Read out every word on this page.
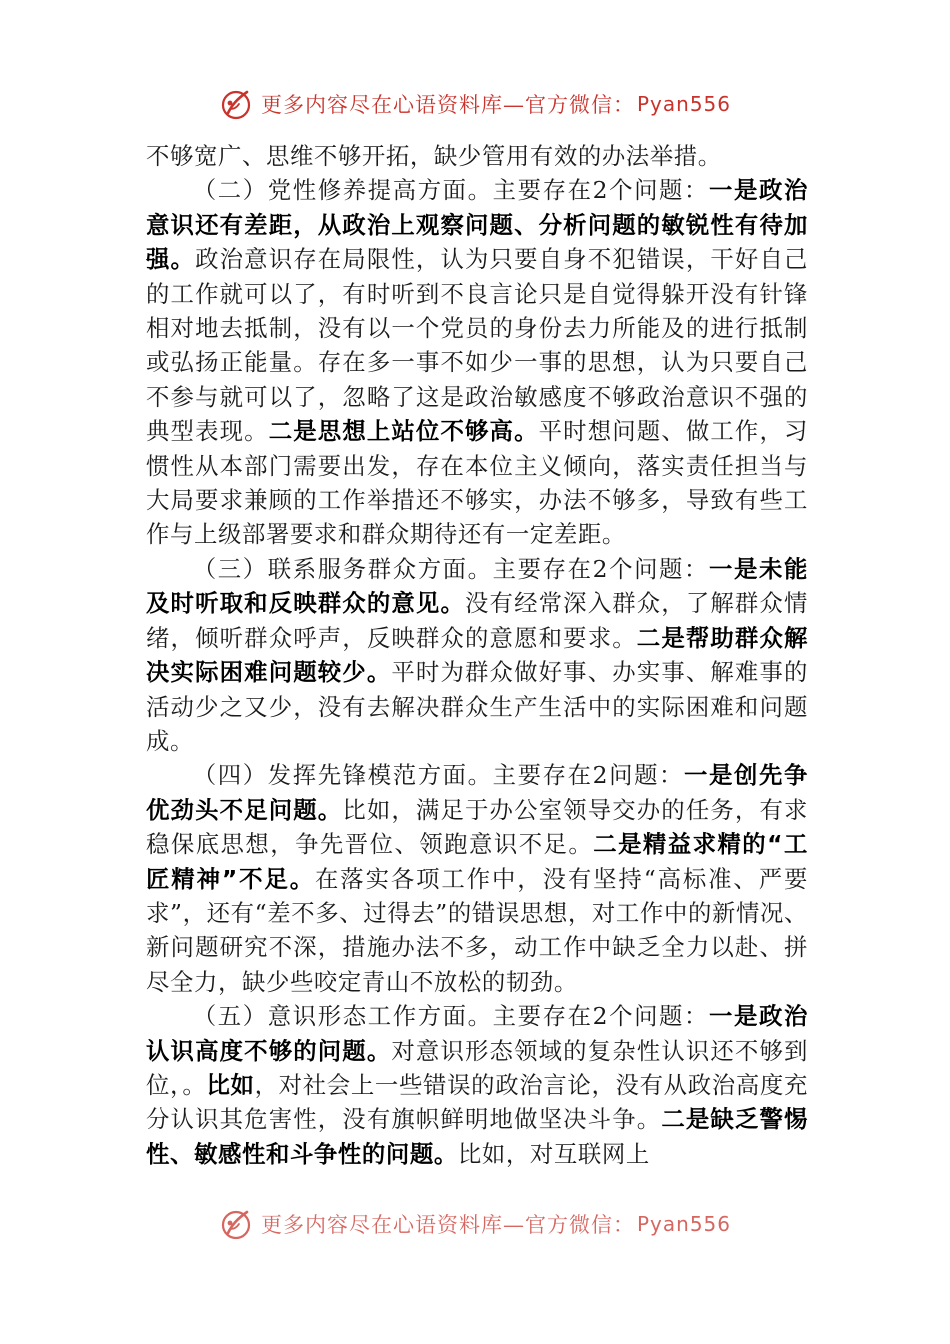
更多内容尽在心语资料库—官方微信： Pyan556

不够宽广、思维不够开拓，缺少管用有效的办法举措。

（二）党性修养提高方面。主要存在2个问题：一是政治意识还有差距，从政治上观察问题、分析问题的敏锐性有待加强。政治意识存在局限性，认为只要自身不犯错误，干好自己的工作就可以了，有时听到不良言论只是自觉得躲开没有针锋相对地去抵制，没有以一个党员的身份去力所能及的进行抵制或弘扬正能量。存在多一事不如少一事的思想，认为只要自己不参与就可以了，忽略了这是政治敏感度不够政治意识不强的典型表现。二是思想上站位不够高。平时想问题、做工作，习惯性从本部门需要出发，存在本位主义倾向，落实责任担当与大局要求兼顾的工作举措还不够实，办法不够多，导致有些工作与上级部署要求和群众期待还有一定差距。

（三）联系服务群众方面。主要存在2个问题：一是未能及时听取和反映群众的意见。没有经常深入群众，了解群众情绪，倾听群众呼声，反映群众的意愿和要求。二是帮助群众解决实际困难问题较少。平时为群众做好事、办实事、解难事的活动少之又少，没有去解决群众生产生活中的实际困难和问题成。

（四）发挥先锋模范方面。主要存在2问题：一是创先争优劲头不足问题。比如，满足于办公室领导交办的任务，有求稳保底思想，争先晋位、领跑意识不足。二是精益求精的“工匠精神”不足。在落实各项工作中，没有坚持“高标准、严要求”，还有“差不多、过得去”的错误思想，对工作中的新情况、新问题研究不深，措施办法不多，动工作中缺乏全力以赴、拼尽全力，缺少些咬定青山不放松的韧劲。

（五）意识形态工作方面。主要存在2个问题：一是政治认识高度不够的问题。对意识形态领域的复杂性认识还不够到位，。比如，对社会上一些错误的政治言论，没有从政治高度充分认识其危害性，没有旗帜鲜明地做坚决斗争。二是缺乏警惕性、敏感性和斗争性的问题。比如，对互联网上

更多内容尽在心语资料库—官方微信： Pyan556
